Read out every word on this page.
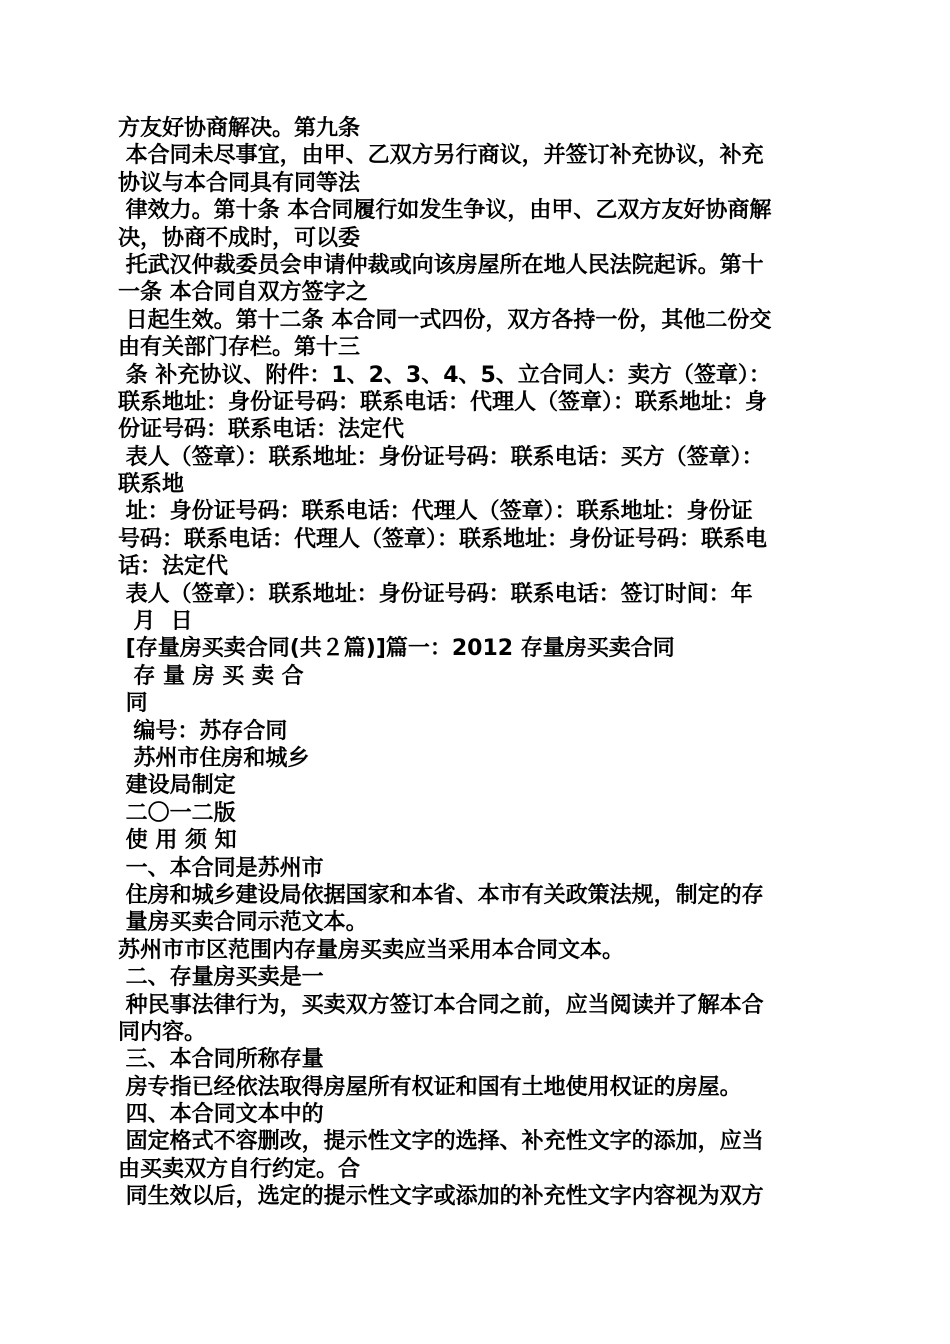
方友好协商解决。第九条
本合同未尽事宜，由甲、乙双方另行商议，并签订补充协议，补充
协议与本合同具有同等法
律效力。第十条 本合同履行如发生争议，由甲、乙双方友好协商解
决，协商不成时，可以委
托武汉仲裁委员会申请仲裁或向该房屋所在地人民法院起诉。第十
一条 本合同自双方签字之
日起生效。第十二条 本合同一式四份，双方各持一份，其他二份交
由有关部门存栏。第十三
条 补充协议、附件：1、2、3、4、5、立合同人：卖方（签章）：
联系地址：身份证号码：联系电话：代理人（签章）：联系地址：身
份证号码：联系电话：法定代
表人（签章）：联系地址：身份证号码：联系电话：买方（签章）：
联系地
址：身份证号码：联系电话：代理人（签章）：联系地址：身份证
号码：联系电话：代理人（签章）：联系地址：身份证号码：联系电
话：法定代
表人（签章）：联系地址：身份证号码：联系电话：签订时间：年
月  日
[存量房买卖合同(共２篇)]篇一：2012 存量房买卖合同
存 量 房 买 卖 合
同
编号：苏存合同
苏州市住房和城乡
建设局制定
二〇一二版
使 用 须 知
一、本合同是苏州市
住房和城乡建设局依据国家和本省、本市有关政策法规，制定的存
量房买卖合同示范文本。
苏州市市区范围内存量房买卖应当采用本合同文本。
二、存量房买卖是一
种民事法律行为，买卖双方签订本合同之前，应当阅读并了解本合
同内容。
三、本合同所称存量
房专指已经依法取得房屋所有权证和国有土地使用权证的房屋。
四、本合同文本中的
固定格式不容删改，提示性文字的选择、补充性文字的添加，应当
由买卖双方自行约定。合
同生效以后，选定的提示性文字或添加的补充性文字内容视为双方
